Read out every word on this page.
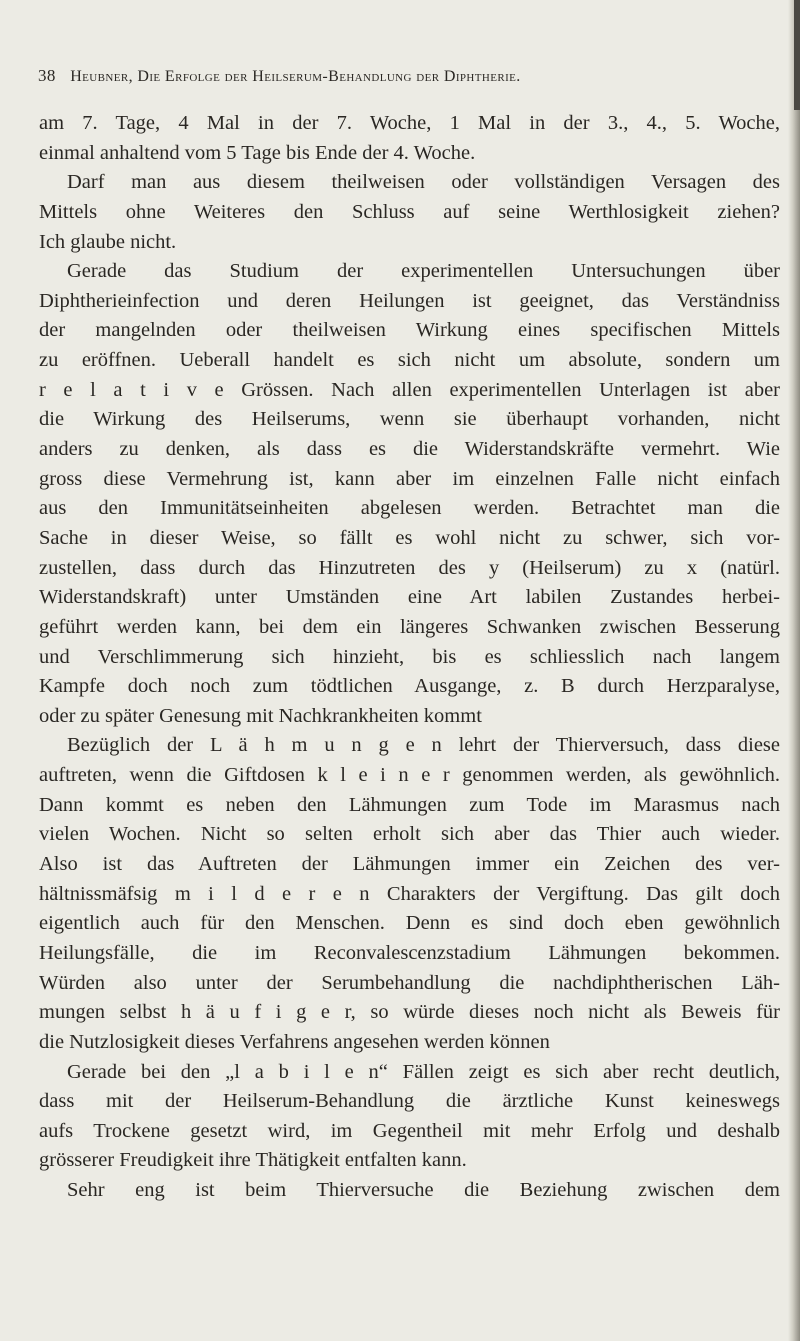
38 Heubner, Die Erfolge der Heilserum-Behandlung der Diphtherie.
am 7. Tage, 4 Mal in der 7. Woche, 1 Mal in der 3., 4., 5. Woche,
einmal anhaltend vom 5 Tage bis Ende der 4. Woche.
Darf man aus diesem theilweisen oder vollständigen Versagen des
Mittels ohne Weiteres den Schluss auf seine Werthlosigkeit ziehen?
Ich glaube nicht.
Gerade das Studium der experimentellen Untersuchungen über
Diphtherieinfection und deren Heilungen ist geeignet, das Verständniss
der mangelnden oder theilweisen Wirkung eines specifischen Mittels
zu eröffnen. Ueberall handelt es sich nicht um absolute, sondern um
r e l a t i v e Grössen. Nach allen experimentellen Unterlagen ist aber
die Wirkung des Heilserums, wenn sie überhaupt vorhanden, nicht
anders zu denken, als dass es die Widerstandskräfte vermehrt. Wie
gross diese Vermehrung ist, kann aber im einzelnen Falle nicht einfach
aus den Immunitätseinheiten abgelesen werden. Betrachtet man die
Sache in dieser Weise, so fällt es wohl nicht zu schwer, sich vor-
zustellen, dass durch das Hinzutreten des y (Heilserum) zu x (natürl.
Widerstandskraft) unter Umständen eine Art labilen Zustandes herbei-
geführt werden kann, bei dem ein längeres Schwanken zwischen Besserung
und Verschlimmerung sich hinzieht, bis es schliesslich nach langem
Kampfe doch noch zum tödtlichen Ausgange, z. B durch Herzparalyse,
oder zu später Genesung mit Nachkrankheiten kommt
Bezüglich der L ä h m u n g e n lehrt der Thierversuch, dass diese
auftreten, wenn die Giftdosen k l e i n e r genommen werden, als gewöhnlich.
Dann kommt es neben den Lähmungen zum Tode im Marasmus nach
vielen Wochen. Nicht so selten erholt sich aber das Thier auch wieder.
Also ist das Auftreten der Lähmungen immer ein Zeichen des ver-
hältnissmäfsig m i l d e r e n Charakters der Vergiftung. Das gilt doch
eigentlich auch für den Menschen. Denn es sind doch eben gewöhnlich
Heilungsfälle, die im Reconvalescenzstadium Lähmungen bekommen.
Würden also unter der Serumbehandlung die nachdiphtherischen Läh-
mungen selbst h ä u f i g e r, so würde dieses noch nicht als Beweis für
die Nutzlosigkeit dieses Verfahrens angesehen werden können
Gerade bei den „l a b i l e n“ Fällen zeigt es sich aber recht deutlich,
dass mit der Heilserum-Behandlung die ärztliche Kunst keineswegs
aufs Trockene gesetzt wird, im Gegentheil mit mehr Erfolg und deshalb
grösserer Freudigkeit ihre Thätigkeit entfalten kann.
Sehr eng ist beim Thierversuche die Beziehung zwischen dem
